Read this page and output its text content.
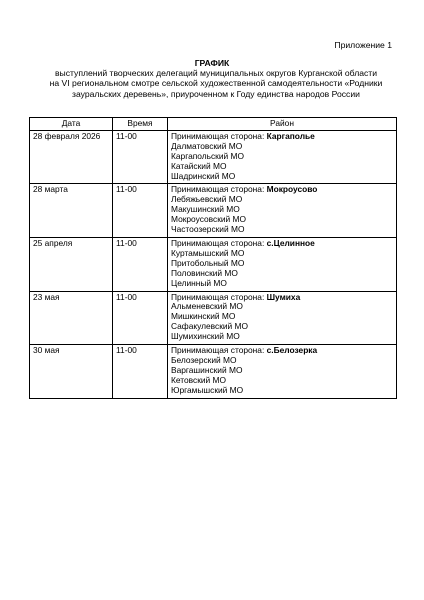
Приложение 1
ГРАФИК
выступлений творческих делегаций муниципальных округов Курганской области
на VI региональном смотре сельской художественной самодеятельности «Родники
зауральских деревень», приуроченном к Году единства народов России
Дата	Время	Район
28 февраля 2026	11-00	Принимающая сторона: Каргаполье
Далматовский МО
Каргапольский МО
Катайский МО
Шадринский МО

28 марта	11-00	Принимающая сторона: Мокроусово
Лебяжьевский МО
Макушинский МО
Мокроусовский МО
Частоозерский МО

25 апреля	11-00	Принимающая сторона: с.Целинное
Куртамышский МО
Притобольный МО
Половинский МО
Целинный МО

23 мая	11-00	Принимающая сторона: Шумиха
Альменевский МО
Мишкинский МО
Сафакулевский МО
Шумихинский МО

30 мая	11-00	Принимающая сторона: с.Белозерка
Белозерский МО
Варгашинский МО
Кетовский МО
Юргамышский МО
